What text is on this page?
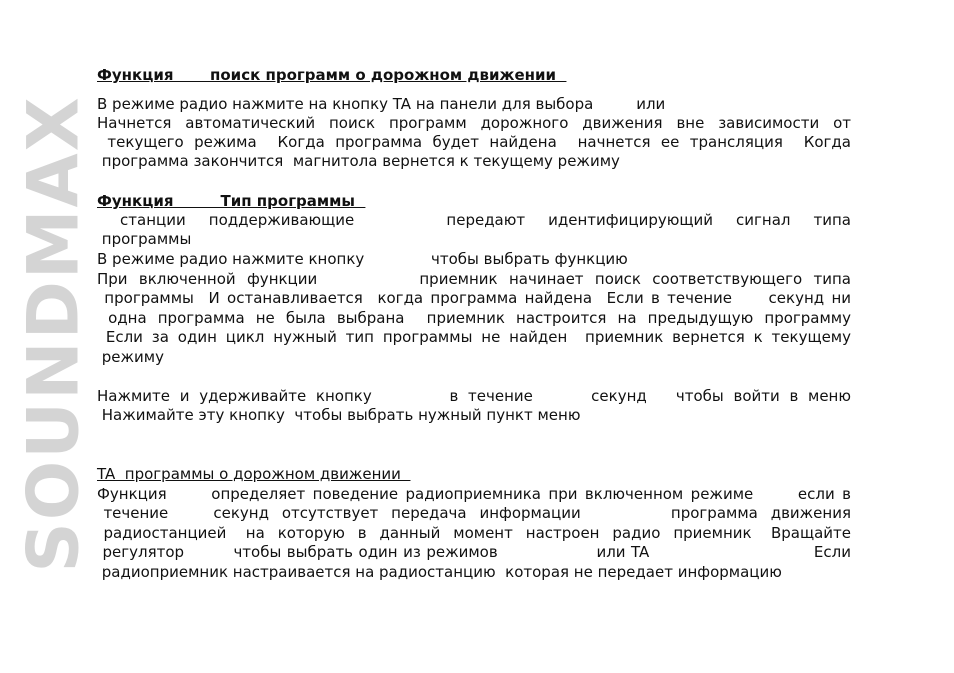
SOUNDMAX
Функция       поиск программ о дорожном движении
В режиме радио нажмите на кнопку TA на панели для выбора         или
Начнется автоматический поиск программ дорожного движения вне зависимости от
текущего режима  Когда программа будет найдена  начнется ее трансляция  Когда
программа закончится  магнитола вернется к текущему режиму
Функция         Тип программы
станции   поддерживающие            передают   идентифицирующий   сигнал   типа
программы
В режиме радио нажмите кнопку              чтобы выбрать функцию
При включенной функции         приемник начинает поиск соответствующего типа
программы  И останавливается  когда программа найдена  Если в течение     секунд ни
одна программа не была выбрана  приемник настроится на предыдущую программу
Если за один цикл нужный тип программы не найден  приемник вернется к текущему
режиму
Нажмите и удерживайте кнопку        в течение      секунд   чтобы войти в меню
Нажимайте эту кнопку  чтобы выбрать нужный пункт меню
TA  программы о дорожном движении
Функция      определяет поведение радиоприемника при включенном режиме      если в
течение       секунд  отсутствует  передача  информации              программа  движения
радиостанцией   на  которую  в  данный  момент  настроен  радио  приемник   Вращайте
регулятор         чтобы выбрать один из режимов                  или TA                              Если
радиоприемник настраивается на радиостанцию  которая не передает информацию
